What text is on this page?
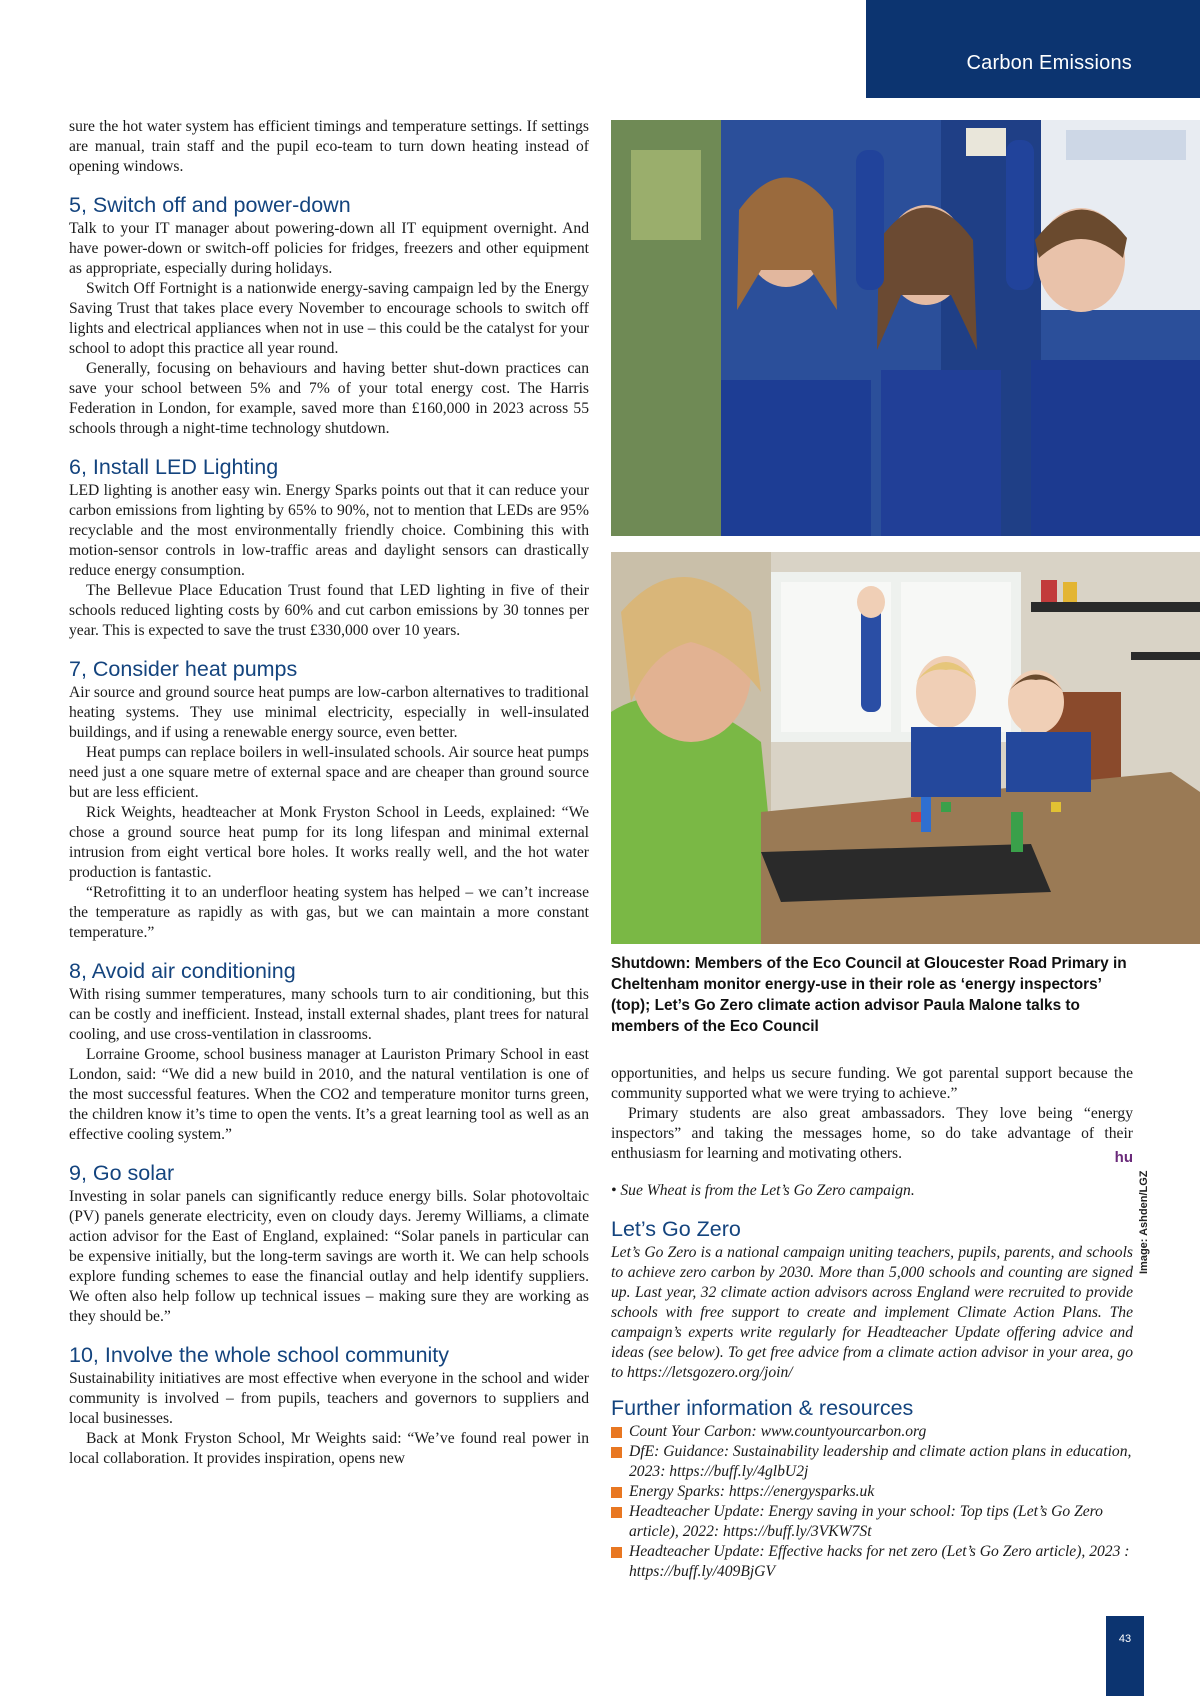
Carbon Emissions

sure the hot water system has efficient timings and temperature settings. If settings are manual, train staff and the pupil eco-team to turn down heating instead of opening windows.

5, Switch off and power-down

Talk to your IT manager about powering-down all IT equipment overnight. And have power-down or switch-off policies for fridges, freezers and other equipment as appropriate, especially during holidays.

Switch Off Fortnight is a nationwide energy-saving campaign led by the Energy Saving Trust that takes place every November to encourage schools to switch off lights and electrical appliances when not in use – this could be the catalyst for your school to adopt this practice all year round.

Generally, focusing on behaviours and having better shut-down practices can save your school between 5% and 7% of your total energy cost. The Harris Federation in London, for example, saved more than £160,000 in 2023 across 55 schools through a night-time technology shutdown.

6, Install LED Lighting

LED lighting is another easy win. Energy Sparks points out that it can reduce your carbon emissions from lighting by 65% to 90%, not to mention that LEDs are 95% recyclable and the most environmentally friendly choice. Combining this with motion-sensor controls in low-traffic areas and daylight sensors can drastically reduce energy consumption.

The Bellevue Place Education Trust found that LED lighting in five of their schools reduced lighting costs by 60% and cut carbon emissions by 30 tonnes per year. This is expected to save the trust £330,000 over 10 years.

7, Consider heat pumps

Air source and ground source heat pumps are low-carbon alternatives to traditional heating systems. They use minimal electricity, especially in well-insulated buildings, and if using a renewable energy source, even better.

Heat pumps can replace boilers in well-insulated schools. Air source heat pumps need just a one square metre of external space and are cheaper than ground source but are less efficient.

Rick Weights, headteacher at Monk Fryston School in Leeds, explained: “We chose a ground source heat pump for its long lifespan and minimal external intrusion from eight vertical bore holes. It works really well, and the hot water production is fantastic.

“Retrofitting it to an underfloor heating system has helped – we can’t increase the temperature as rapidly as with gas, but we can maintain a more constant temperature.”

8, Avoid air conditioning

With rising summer temperatures, many schools turn to air conditioning, but this can be costly and inefficient. Instead, install external shades, plant trees for natural cooling, and use cross-ventilation in classrooms.

Lorraine Groome, school business manager at Lauriston Primary School in east London, said: “We did a new build in 2010, and the natural ventilation is one of the most successful features. When the CO2 and temperature monitor turns green, the children know it’s time to open the vents. It’s a great learning tool as well as an effective cooling system.”

9, Go solar

Investing in solar panels can significantly reduce energy bills. Solar photovoltaic (PV) panels generate electricity, even on cloudy days. Jeremy Williams, a climate action advisor for the East of England, explained: “Solar panels in particular can be expensive initially, but the long-term savings are worth it. We can help schools explore funding schemes to ease the financial outlay and help identify suppliers. We often also help follow up technical issues – making sure they are working as they should be.”

10, Involve the whole school community

Sustainability initiatives are most effective when everyone in the school and wider community is involved – from pupils, teachers and governors to suppliers and local businesses.

Back at Monk Fryston School, Mr Weights said: “We’ve found real power in local collaboration. It provides inspiration, opens new

Shutdown: Members of the Eco Council at Gloucester Road Primary in Cheltenham monitor energy-use in their role as ‘energy inspectors’ (top); Let’s Go Zero climate action advisor Paula Malone talks to members of the Eco Council

Image: Ashden/LGZ

opportunities, and helps us secure funding. We got parental support because the community supported what we were trying to achieve.”

Primary students are also great ambassadors. They love being “energy inspectors” and taking the messages home, so do take advantage of their enthusiasm for learning and motivating others.	hu

• Sue Wheat is from the Let’s Go Zero campaign.

Let’s Go Zero

Let’s Go Zero is a national campaign uniting teachers, pupils, parents, and schools to achieve zero carbon by 2030. More than 5,000 schools and counting are signed up. Last year, 32 climate action advisors across England were recruited to provide schools with free support to create and implement Climate Action Plans. The campaign’s experts write regularly for Headteacher Update offering advice and ideas (see below). To get free advice from a climate action advisor in your area, go to https://letsgozero.org/join/

Further information & resources
Count Your Carbon: www.countyourcarbon.org
DfE: Guidance: Sustainability leadership and climate action plans in education, 2023: https://buff.ly/4glbU2j
Energy Sparks: https://energysparks.uk
Headteacher Update: Energy saving in your school: Top tips (Let’s Go Zero article), 2022: https://buff.ly/3VKW7St
Headteacher Update: Effective hacks for net zero (Let’s Go Zero article), 2023 : https://buff.ly/409BjGV
43
